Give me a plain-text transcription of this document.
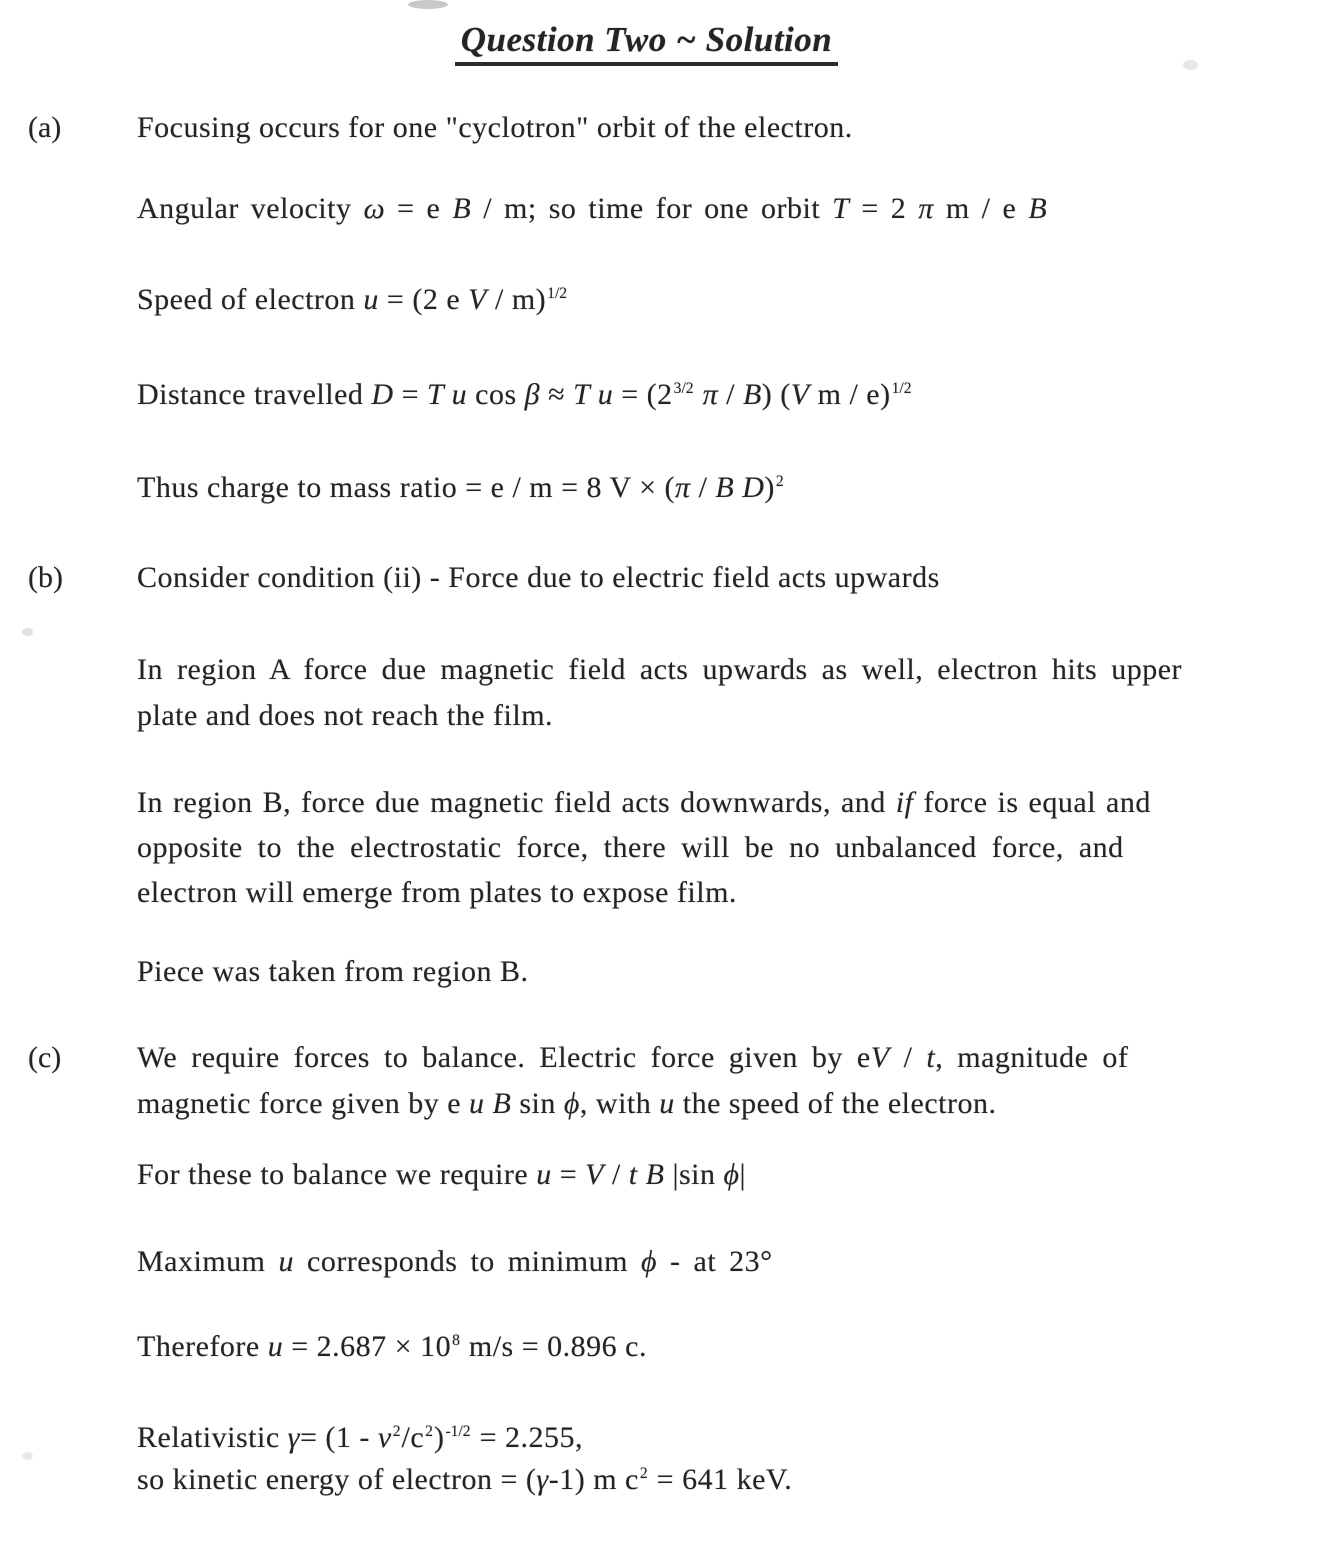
Question Two ~ Solution
(a)	Focusing occurs for one "cyclotron" orbit of the electron.
Angular velocity ω = e B / m; so time for one orbit T = 2 π m / e B
Speed of electron u = (2 e V / m)1/2
Distance travelled D = T u cos β ≈ T u = (23/2 π / B) (V m / e)1/2
Thus charge to mass ratio = e / m = 8 V × (π / B D)2
(b) Consider condition (ii) - Force due to electric field acts upwards
In region A force due magnetic field acts upwards as well, electron hits upper
plate and does not reach the film.
In region B, force due magnetic field acts downwards, and if force is equal and
opposite to the electrostatic force, there will be no unbalanced force, and
electron will emerge from plates to expose film.
Piece was taken from region B.
(c)	We require forces to balance. Electric force given by eV / t, magnitude of
magnetic force given by e u B sin ϕ, with u the speed of the electron.
For these to balance we require u = V / t B |sin ϕ|
Maximum u corresponds to minimum ϕ - at 23°
Therefore u = 2.687 × 108 m/s = 0.896 c.
Relativistic γ= (1 - v2/c2)-1/2 = 2.255,
so kinetic energy of electron = (γ-1) m c2 = 641 keV.
